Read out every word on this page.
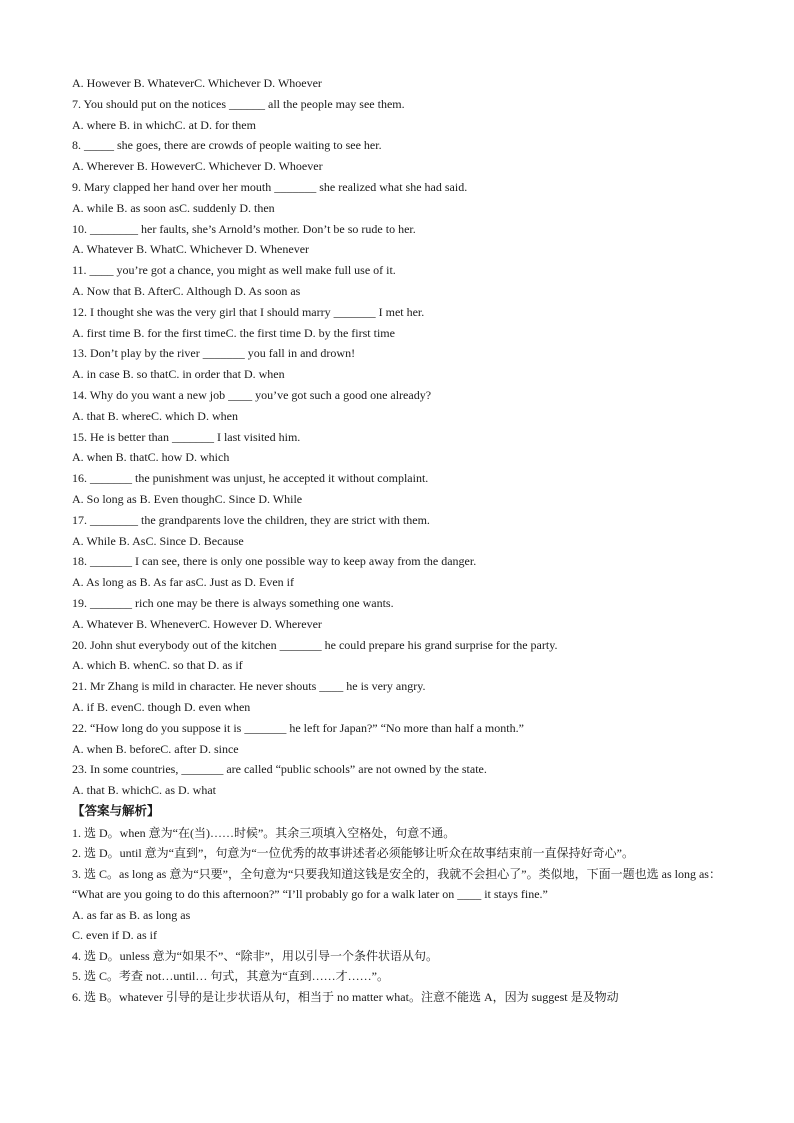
A. However B. WhateverC. Whichever D. Whoever
7. You should put on the notices ______ all the people may see them.
A. where B. in whichC. at D. for them
8. _____ she goes, there are crowds of people waiting to see her.
A. Wherever B. HoweverC. Whichever D. Whoever
9. Mary clapped her hand over her mouth _______ she realized what she had said.
A. while B. as soon asC. suddenly D. then
10. ________ her faults, she’s Arnold’s mother. Don’t be so rude to her.
A. Whatever B. WhatC. Whichever D. Whenever
11. ____ you’re got a chance, you might as well make full use of it.
A. Now that B. AfterC. Although D. As soon as
12. I thought she was the very girl that I should marry _______ I met her.
A. first time B. for the first timeC. the first time D. by the first time
13. Don’t play by the river _______ you fall in and drown!
A. in case B. so thatC. in order that D. when
14. Why do you want a new job ____ you’ve got such a good one already?
A. that B. whereC. which D. when
15. He is better than _______ I last visited him.
A. when B. thatC. how D. which
16. _______ the punishment was unjust, he accepted it without complaint.
A. So long as B. Even thoughC. Since D. While
17. ________ the grandparents love the children, they are strict with them.
A. While B. AsC. Since D. Because
18. _______ I can see, there is only one possible way to keep away from the danger.
A. As long as B. As far asC. Just as D. Even if
19. _______ rich one may be there is always something one wants.
A. Whatever B. WheneverC. However D. Wherever
20. John shut everybody out of the kitchen _______ he could prepare his grand surprise for the party.
A. which B. whenC. so that D. as if
21. Mr Zhang is mild in character. He never shouts ____ he is very angry.
A. if B. evenC. though D. even when
22. “How long do you suppose it is _______ he left for Japan?” “No more than half a month.”
A. when B. beforeC. after D. since
23. In some countries, _______ are called “public schools” are not owned by the state.
A. that B. whichC. as D. what
【答案与解析】
1. 选 D。when 意为“在(当)……时候”。其余三项填入空格处，句意不通。
2. 选 D。until 意为“直到”，句意为“一位优秀的故事讲述者必须能够让听众在故事结束前一直保持好奇心”。
3. 选 C。as long as 意为“只要”，全句意为“只要我知道这钱是安全的，我就不会担心了”。类似地，下面一题也选 as long as：
“What are you going to do this afternoon?” “I’ll probably go for a walk later on ____ it stays fine.”
A. as far as B. as long as
C. even if D. as if
4. 选 D。unless 意为“如果不”、“除非”，用以引导一个条件状语从句。
5. 选 C。考查 not…until… 句式，其意为“直到……才……”。
6. 选 B。whatever 引导的是让步状语从句，相当于 no matter what。注意不能选 A，因为 suggest 是及物动
